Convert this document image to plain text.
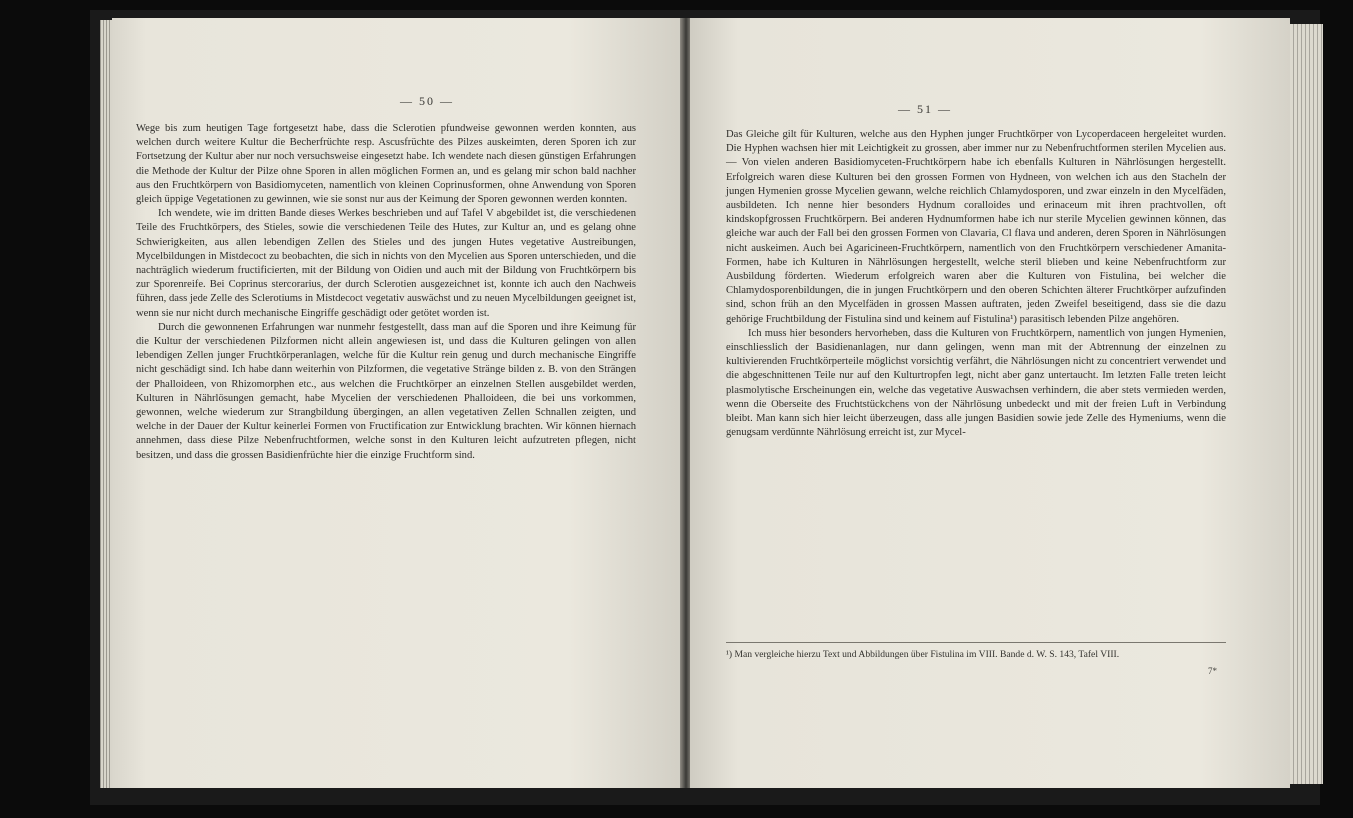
— 50 —

Wege bis zum heutigen Tage fortgesetzt habe, dass die Sclerotien pfundweise gewonnen werden konnten, aus welchen durch weitere Kultur die Becherfrüchte resp. Ascusfrüchte des Pilzes auskeimten, deren Sporen ich zur Fortsetzung der Kultur aber nur noch versuchsweise eingesetzt habe. Ich wendete nach diesen günstigen Erfahrungen die Methode der Kultur der Pilze ohne Sporen in allen möglichen Formen an, und es gelang mir schon bald nachher aus den Fruchtkörpern von Basidiomyceten, namentlich von kleinen Coprinusformen, ohne Anwendung von Sporen gleich üppige Vegetationen zu gewinnen, wie sie sonst nur aus der Keimung der Sporen gewonnen werden konnten.

Ich wendete, wie im dritten Bande dieses Werkes beschrieben und auf Tafel V abgebildet ist, die verschiedenen Teile des Fruchtkörpers, des Stieles, sowie die verschiedenen Teile des Hutes, zur Kultur an, und es gelang ohne Schwierigkeiten, aus allen lebendigen Zellen des Stieles und des jungen Hutes vegetative Austreibungen, Mycelbildungen in Mistdecoct zu beobachten, die sich in nichts von den Mycelien aus Sporen unterschieden, und die nachträglich wiederum fructificierten, mit der Bildung von Oidien und auch mit der Bildung von Fruchtkörpern bis zur Sporenreife. Bei Coprinus stercorarius, der durch Sclerotien ausgezeichnet ist, konnte ich auch den Nachweis führen, dass jede Zelle des Sclerotiums in Mistdecoct vegetativ auswächst und zu neuen Mycelbildungen geeignet ist, wenn sie nur nicht durch mechanische Eingriffe geschädigt oder getötet worden ist.

Durch die gewonnenen Erfahrungen war nunmehr festgestellt, dass man auf die Sporen und ihre Keimung für die Kultur der verschiedenen Pilzformen nicht allein angewiesen ist, und dass die Kulturen gelingen von allen lebendigen Zellen junger Fruchtkörperanlagen, welche für die Kultur rein genug und durch mechanische Eingriffe nicht geschädigt sind. Ich habe dann weiterhin von Pilzformen, die vegetative Stränge bilden z. B. von den Strängen der Phalloideen, von Rhizomorphen etc., aus welchen die Fruchtkörper an einzelnen Stellen ausgebildet werden, Kulturen in Nährlösungen gemacht, habe Mycelien der verschiedenen Phalloideen, die bei uns vorkommen, gewonnen, welche wiederum zur Strangbildung übergingen, an allen vegetativen Zellen Schnallen zeigten, und welche in der Dauer der Kultur keinerlei Formen von Fructification zur Entwicklung brachten. Wir können hiernach annehmen, dass diese Pilze Nebenfruchtformen, welche sonst in den Kulturen leicht aufzutreten pflegen, nicht besitzen, und dass die grossen Basidienfrüchte hier die einzige Fruchtform sind.

— 51 —

Das Gleiche gilt für Kulturen, welche aus den Hyphen junger Fruchtkörper von Lycoperdaceen hergeleitet wurden. Die Hyphen wachsen hier mit Leichtigkeit zu grossen, aber immer nur zu Nebenfruchtformen sterilen Mycelien aus. — Von vielen anderen Basidiomyceten-Fruchtkörpern habe ich ebenfalls Kulturen in Nährlösungen hergestellt. Erfolgreich waren diese Kulturen bei den grossen Formen von Hydneen, von welchen ich aus den Stacheln der jungen Hymenien grosse Mycelien gewann, welche reichlich Chlamydosporen, und zwar einzeln in den Mycelfäden, ausbildeten. Ich nenne hier besonders Hydnum coralloides und erinaceum mit ihren prachtvollen, oft kindskopfgrossen Fruchtkörpern. Bei anderen Hydnumformen habe ich nur sterile Mycelien gewinnen können, das gleiche war auch der Fall bei den grossen Formen von Clavaria, Cl flava und anderen, deren Sporen in Nährlösungen nicht auskeimen. Auch bei Agaricineen-Fruchtkörpern, namentlich von den Fruchtkörpern verschiedener Amanita-Formen, habe ich Kulturen in Nährlösungen hergestellt, welche steril blieben und keine Nebenfruchtform zur Ausbildung förderten. Wiederum erfolgreich waren aber die Kulturen von Fistulina, bei welcher die Chlamydosporenbildungen, die in jungen Fruchtkörpern und den oberen Schichten älterer Fruchtkörper aufzufinden sind, schon früh an den Mycelfäden in grossen Massen auftraten, jeden Zweifel beseitigend, dass sie die dazu gehörige Fruchtbildung der Fistulina sind und keinem auf Fistulina¹) parasitisch lebenden Pilze angehören.

Ich muss hier besonders hervorheben, dass die Kulturen von Fruchtkörpern, namentlich von jungen Hymenien, einschliesslich der Basidienanlagen, nur dann gelingen, wenn man mit der Abtrennung der einzelnen zu kultivierenden Fruchtkörperteile möglichst vorsichtig verfährt, die Nährlösungen nicht zu concentriert verwendet und die abgeschnittenen Teile nur auf den Kulturtropfen legt, nicht aber ganz untertaucht. Im letzten Falle treten leicht plasmolytische Erscheinungen ein, welche das vegetative Auswachsen verhindern, die aber stets vermieden werden, wenn die Oberseite des Fruchtstückchens von der Nährlösung unbedeckt und mit der freien Luft in Verbindung bleibt. Man kann sich hier leicht überzeugen, dass alle jungen Basidien sowie jede Zelle des Hymeniums, wenn die genugsam verdünnte Nährlösung erreicht ist, zur Mycel-

¹) Man vergleiche hierzu Text und Abbildungen über Fistulina im VIII. Bande d. W. S. 143, Tafel VIII.
7*
